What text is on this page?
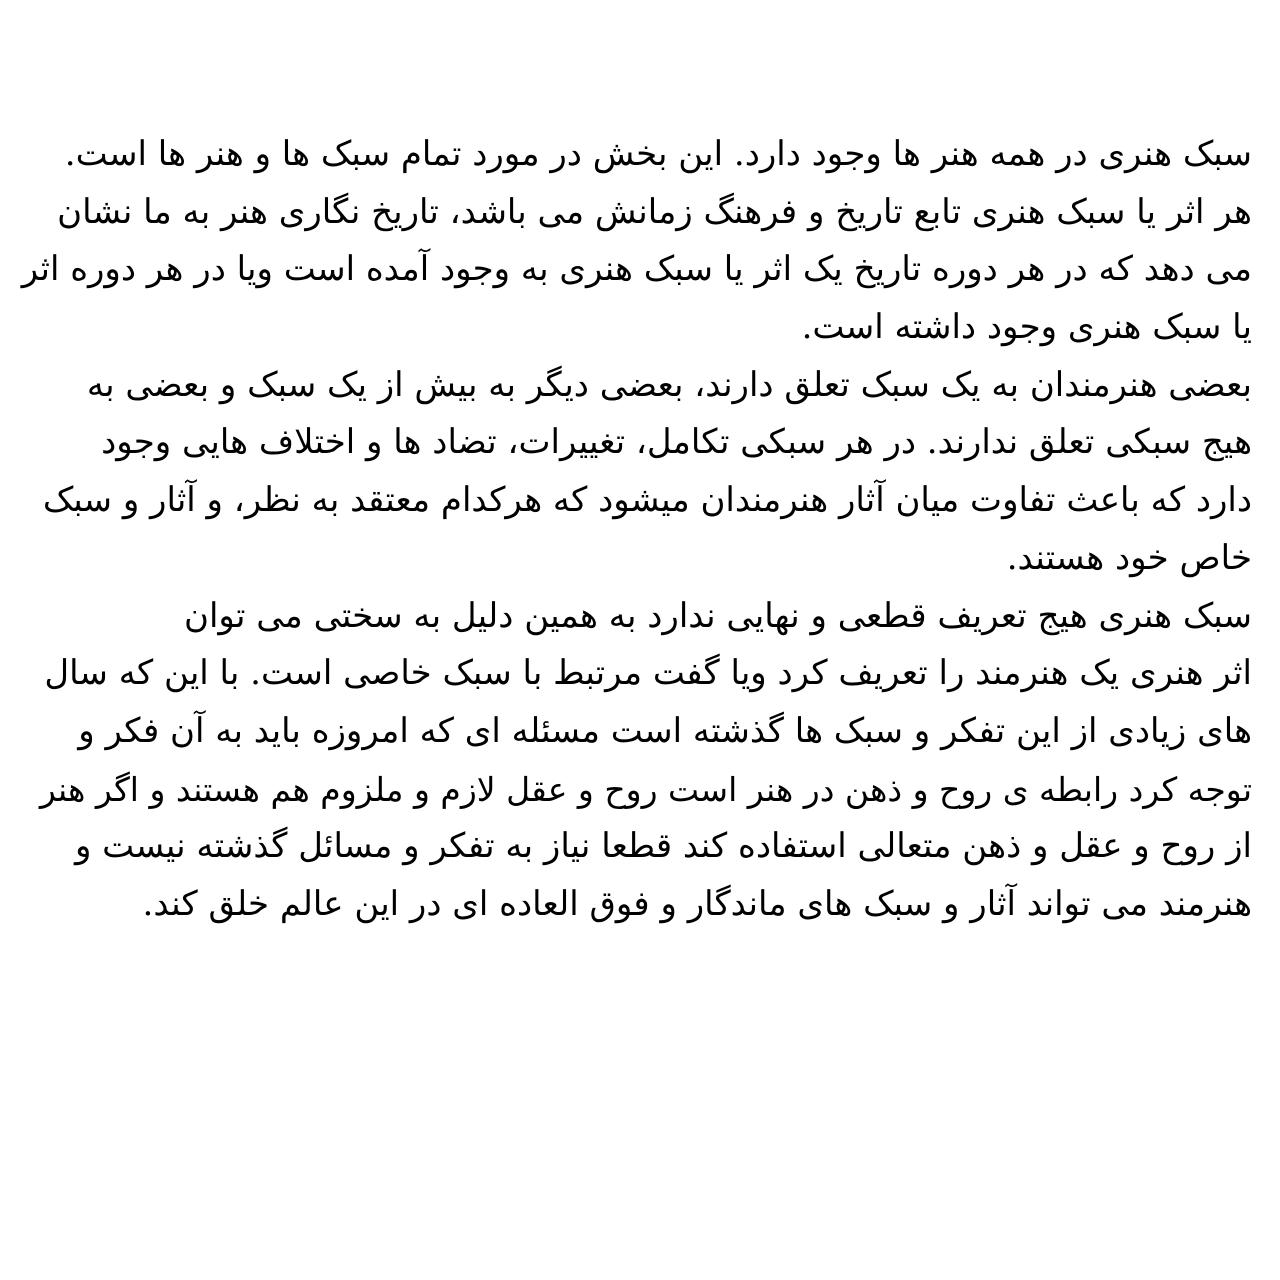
سبک هنری در همه هنر ها وجود دارد. این بخش در مورد تمام سبک ها و هنر ها است.
هر اثر یا سبک هنری تابع تاریخ و فرهنگ زمانش می باشد، تاریخ نگاری هنر به ما نشان
می دهد که در هر دوره تاریخ یک اثر یا سبک هنری به وجود آمده است ویا در هر دوره اثر
یا سبک هنری وجود داشته است.
بعضی هنرمندان به یک سبک تعلق دارند، بعضی دیگر به بیش از یک سبک و بعضی به
هیج سبکی تعلق ندارند. در هر سبکی تکامل، تغییرات، تضاد ها و اختلاف هایی وجود
دارد که باعث تفاوت میان آثار هنرمندان میشود که هرکدام معتقد به نظر، و آثار و سبک
خاص خود هستند.
سبک هنری هیج تعریف قطعی و نهایی ندارد به همین دلیل به سختی می توان
اثر هنری یک هنرمند را تعریف کرد ویا گفت مرتبط با سبک خاصی است. با این که سال
های زیادی از این تفکر و سبک ها گذشته است مسئله ای که امروزه باید به آن فکر و
توجه کرد رابطه ی روح و ذهن در هنر است روح و عقل لازم و ملزوم هم هستند و اگر هنر
از روح و عقل و ذهن متعالی استفاده کند قطعا نیاز به تفکر و مسائل گذشته نیست و
هنرمند می تواند آثار و سبک های ماندگار و فوق العاده ای در این عالم خلق کند.
